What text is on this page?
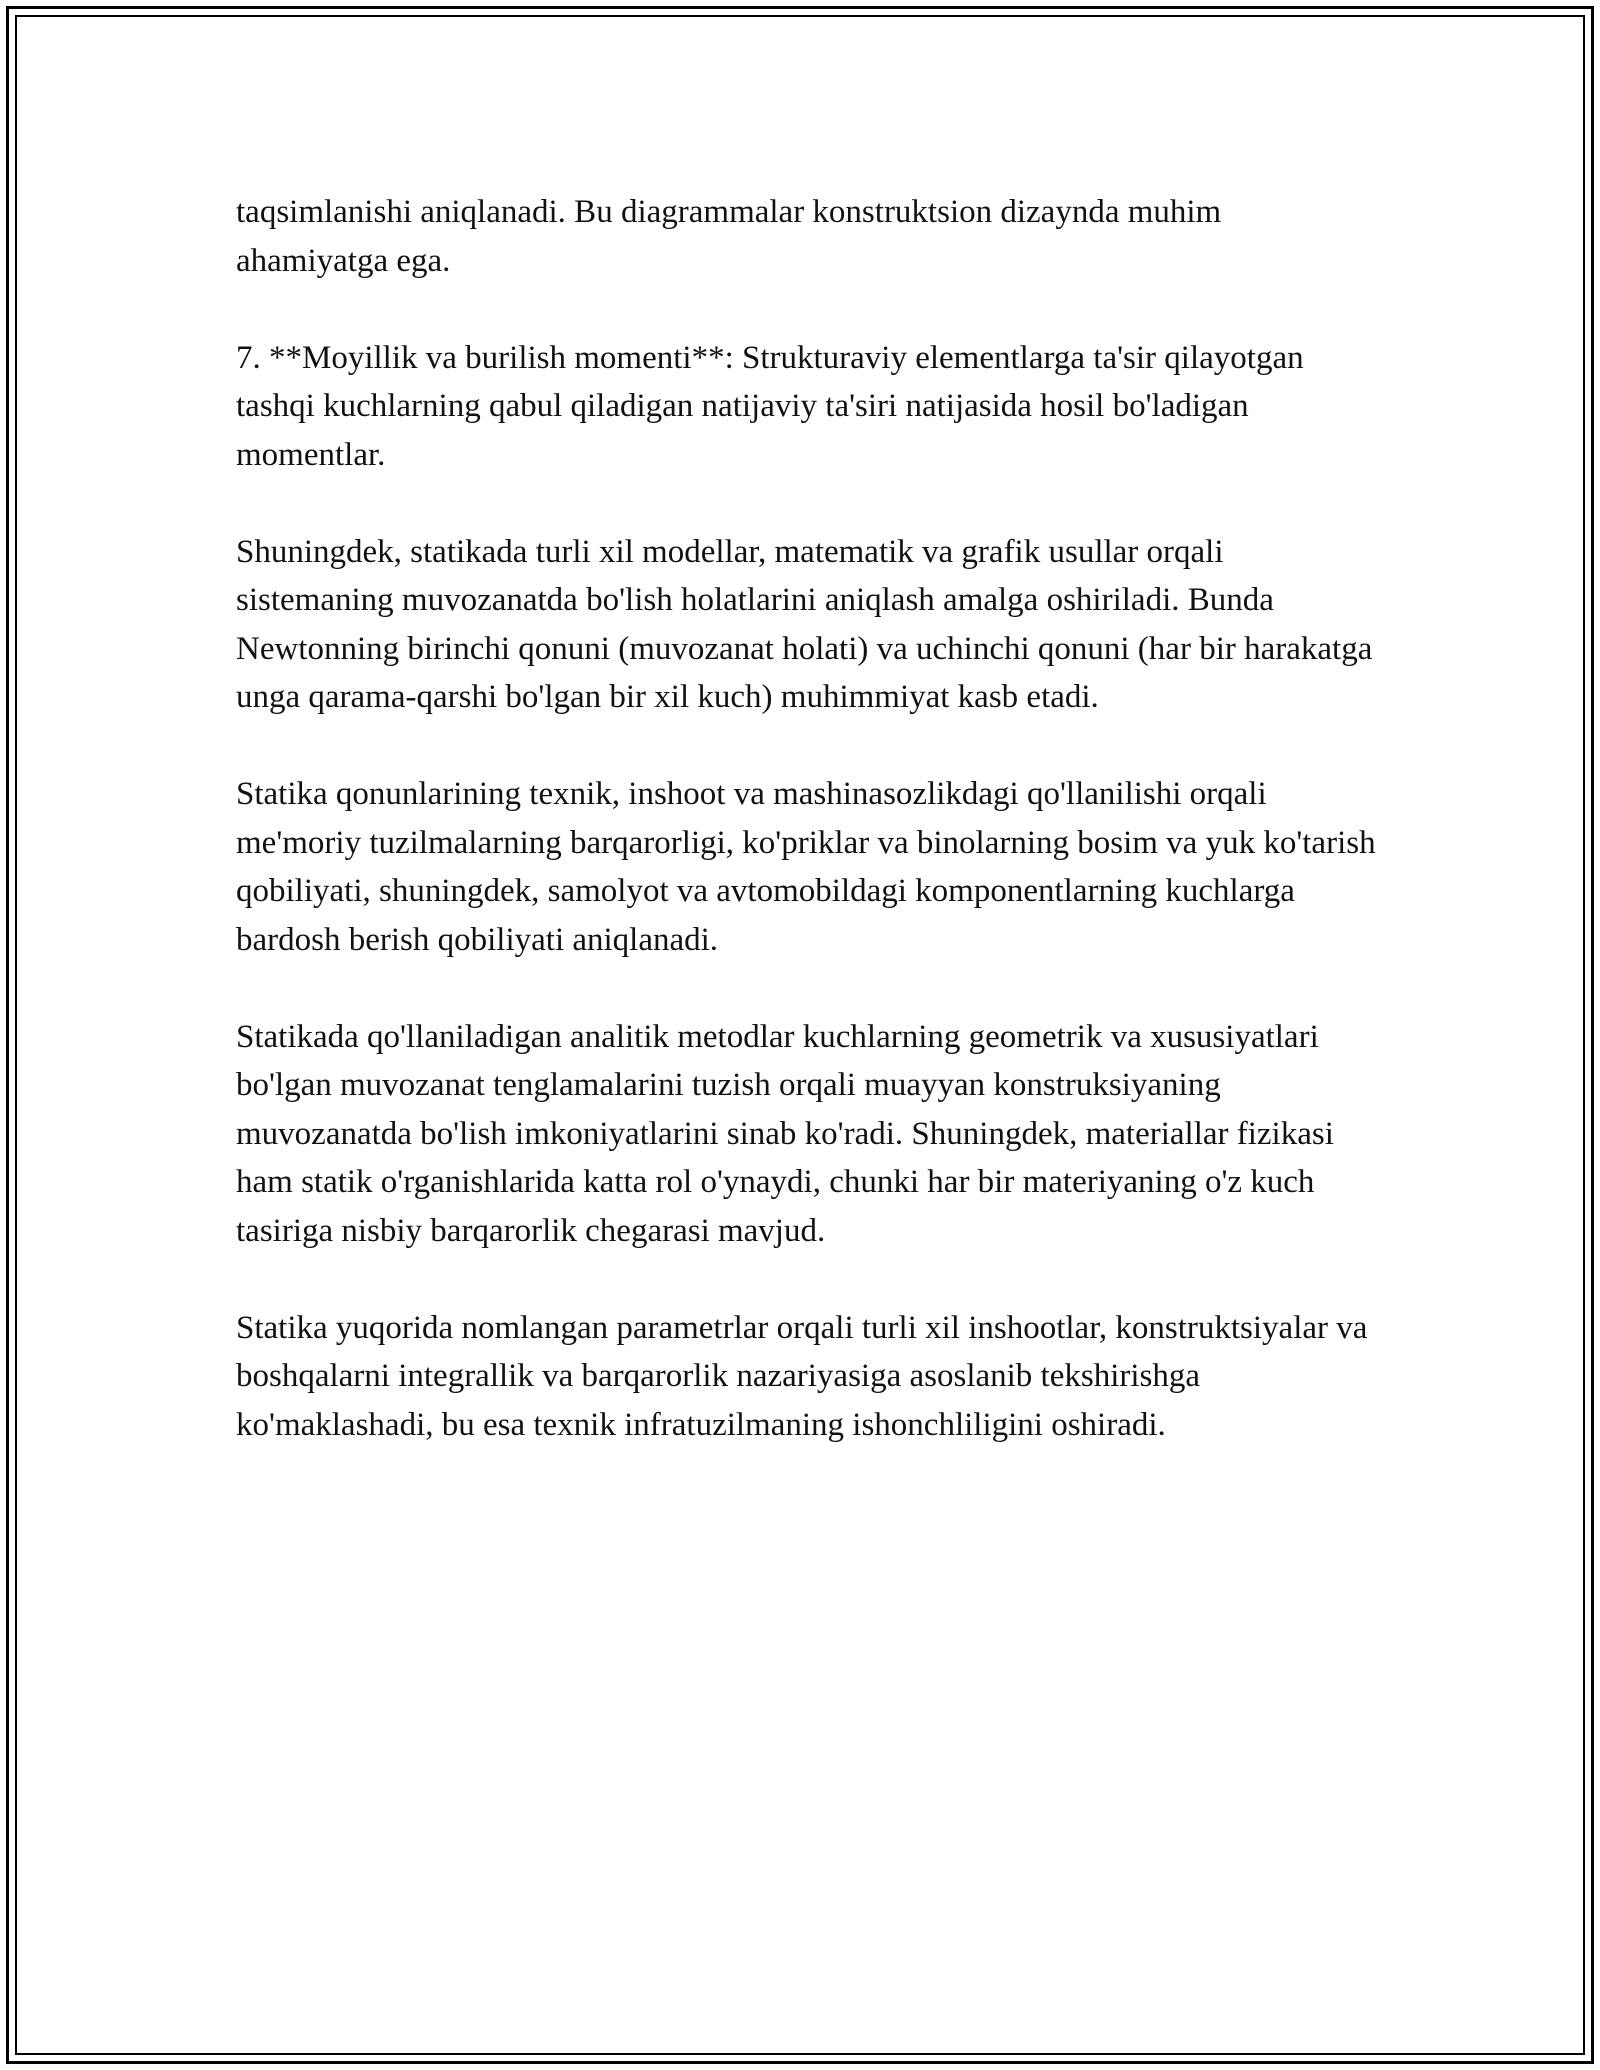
taqsimlanishi aniqlanadi. Bu diagrammalar konstruktsion dizaynda muhim ahamiyatga ega.

7. **Moyillik va burilish momenti**: Strukturaviy elementlarga ta'sir qilayotgan tashqi kuchlarning qabul qiladigan natijaviy ta'siri natijasida hosil bo'ladigan momentlar.

Shuningdek, statikada turli xil modellar, matematik va grafik usullar orqali sistemaning muvozanatda bo'lish holatlarini aniqlash amalga oshiriladi. Bunda Newtonning birinchi qonuni (muvozanat holati) va uchinchi qonuni (har bir harakatga unga qarama-qarshi bo'lgan bir xil kuch) muhimmiyat kasb etadi.

Statika qonunlarining texnik, inshoot va mashinasozlikdagi qo'llanilishi orqali me'moriy tuzilmalarning barqarorligi, ko'priklar va binolarning bosim va yuk ko'tarish qobiliyati, shuningdek, samolyot va avtomobildagi komponentlarning kuchlarga bardosh berish qobiliyati aniqlanadi.

Statikada qo'llaniladigan analitik metodlar kuchlarning geometrik va xususiyatlari bo'lgan muvozanat tenglamalarini tuzish orqali muayyan konstruksiyaning muvozanatda bo'lish imkoniyatlarini sinab ko'radi. Shuningdek, materiallar fizikasi ham statik o'rganishlarida katta rol o'ynaydi, chunki har bir materiyaning o'z kuch tasiriga nisbiy barqarorlik chegarasi mavjud.

Statika yuqorida nomlangan parametrlar orqali turli xil inshootlar, konstruktsiyalar va boshqalarni integrallik va barqarorlik nazariyasiga asoslanib tekshirishga ko'maklashadi, bu esa texnik infratuzilmaning ishonchliligini oshiradi.
